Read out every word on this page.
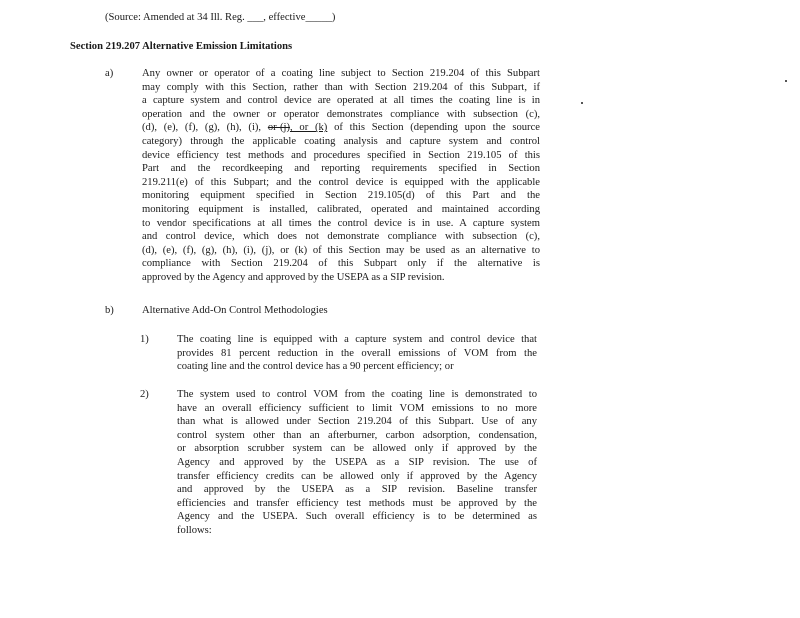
(Source: Amended at 34 Ill. Reg. ___, effective_____)
Section 219.207 Alternative Emission Limitations
a)	Any owner or operator of a coating line subject to Section 219.204 of this Subpart
may comply with this Section, rather than with Section 219.204 of this Subpart, if
a capture system and control device are operated at all times the coating line is in
operation and the owner or operator demonstrates compliance with subsection (c),
(d), (e), (f), (g), (h), (i), or-(j), or (k) of this Section (depending upon the source
category) through the applicable coating analysis and capture system and control
device efficiency test methods and procedures specified in Section 219.105 of this
Part and the recordkeeping and reporting requirements specified in Section
219.211(e) of this Subpart; and the control device is equipped with the applicable
monitoring equipment specified in Section 219.105(d) of this Part and the
monitoring equipment is installed, calibrated, operated and maintained according
to vendor specifications at all times the control device is in use. A capture system
and control device, which does not demonstrate compliance with subsection (c),
(d), (e), (f), (g), (h), (i), (j), or (k) of this Section may be used as an alternative to
compliance with Section 219.204 of this Subpart only if the alternative is
approved by the Agency and approved by the USEPA as a SIP revision.
b)	Alternative Add-On Control Methodologies
1)	The coating line is equipped with a capture system and control device that
provides 81 percent reduction in the overall emissions of VOM from the
coating line and the control device has a 90 percent efficiency; or
2)	The system used to control VOM from the coating line is demonstrated to
have an overall efficiency sufficient to limit VOM emissions to no more
than what is allowed under Section 219.204 of this Subpart. Use of any
control system other than an afterburner, carbon adsorption, condensation,
or absorption scrubber system can be allowed only if approved by the
Agency and approved by the USEPA as a SIP revision. The use of
transfer efficiency credits can be allowed only if approved by the Agency
and approved by the USEPA as a SIP revision. Baseline transfer
efficiencies and transfer efficiency test methods must be approved by the
Agency and the USEPA. Such overall efficiency is to be determined as
follows:
